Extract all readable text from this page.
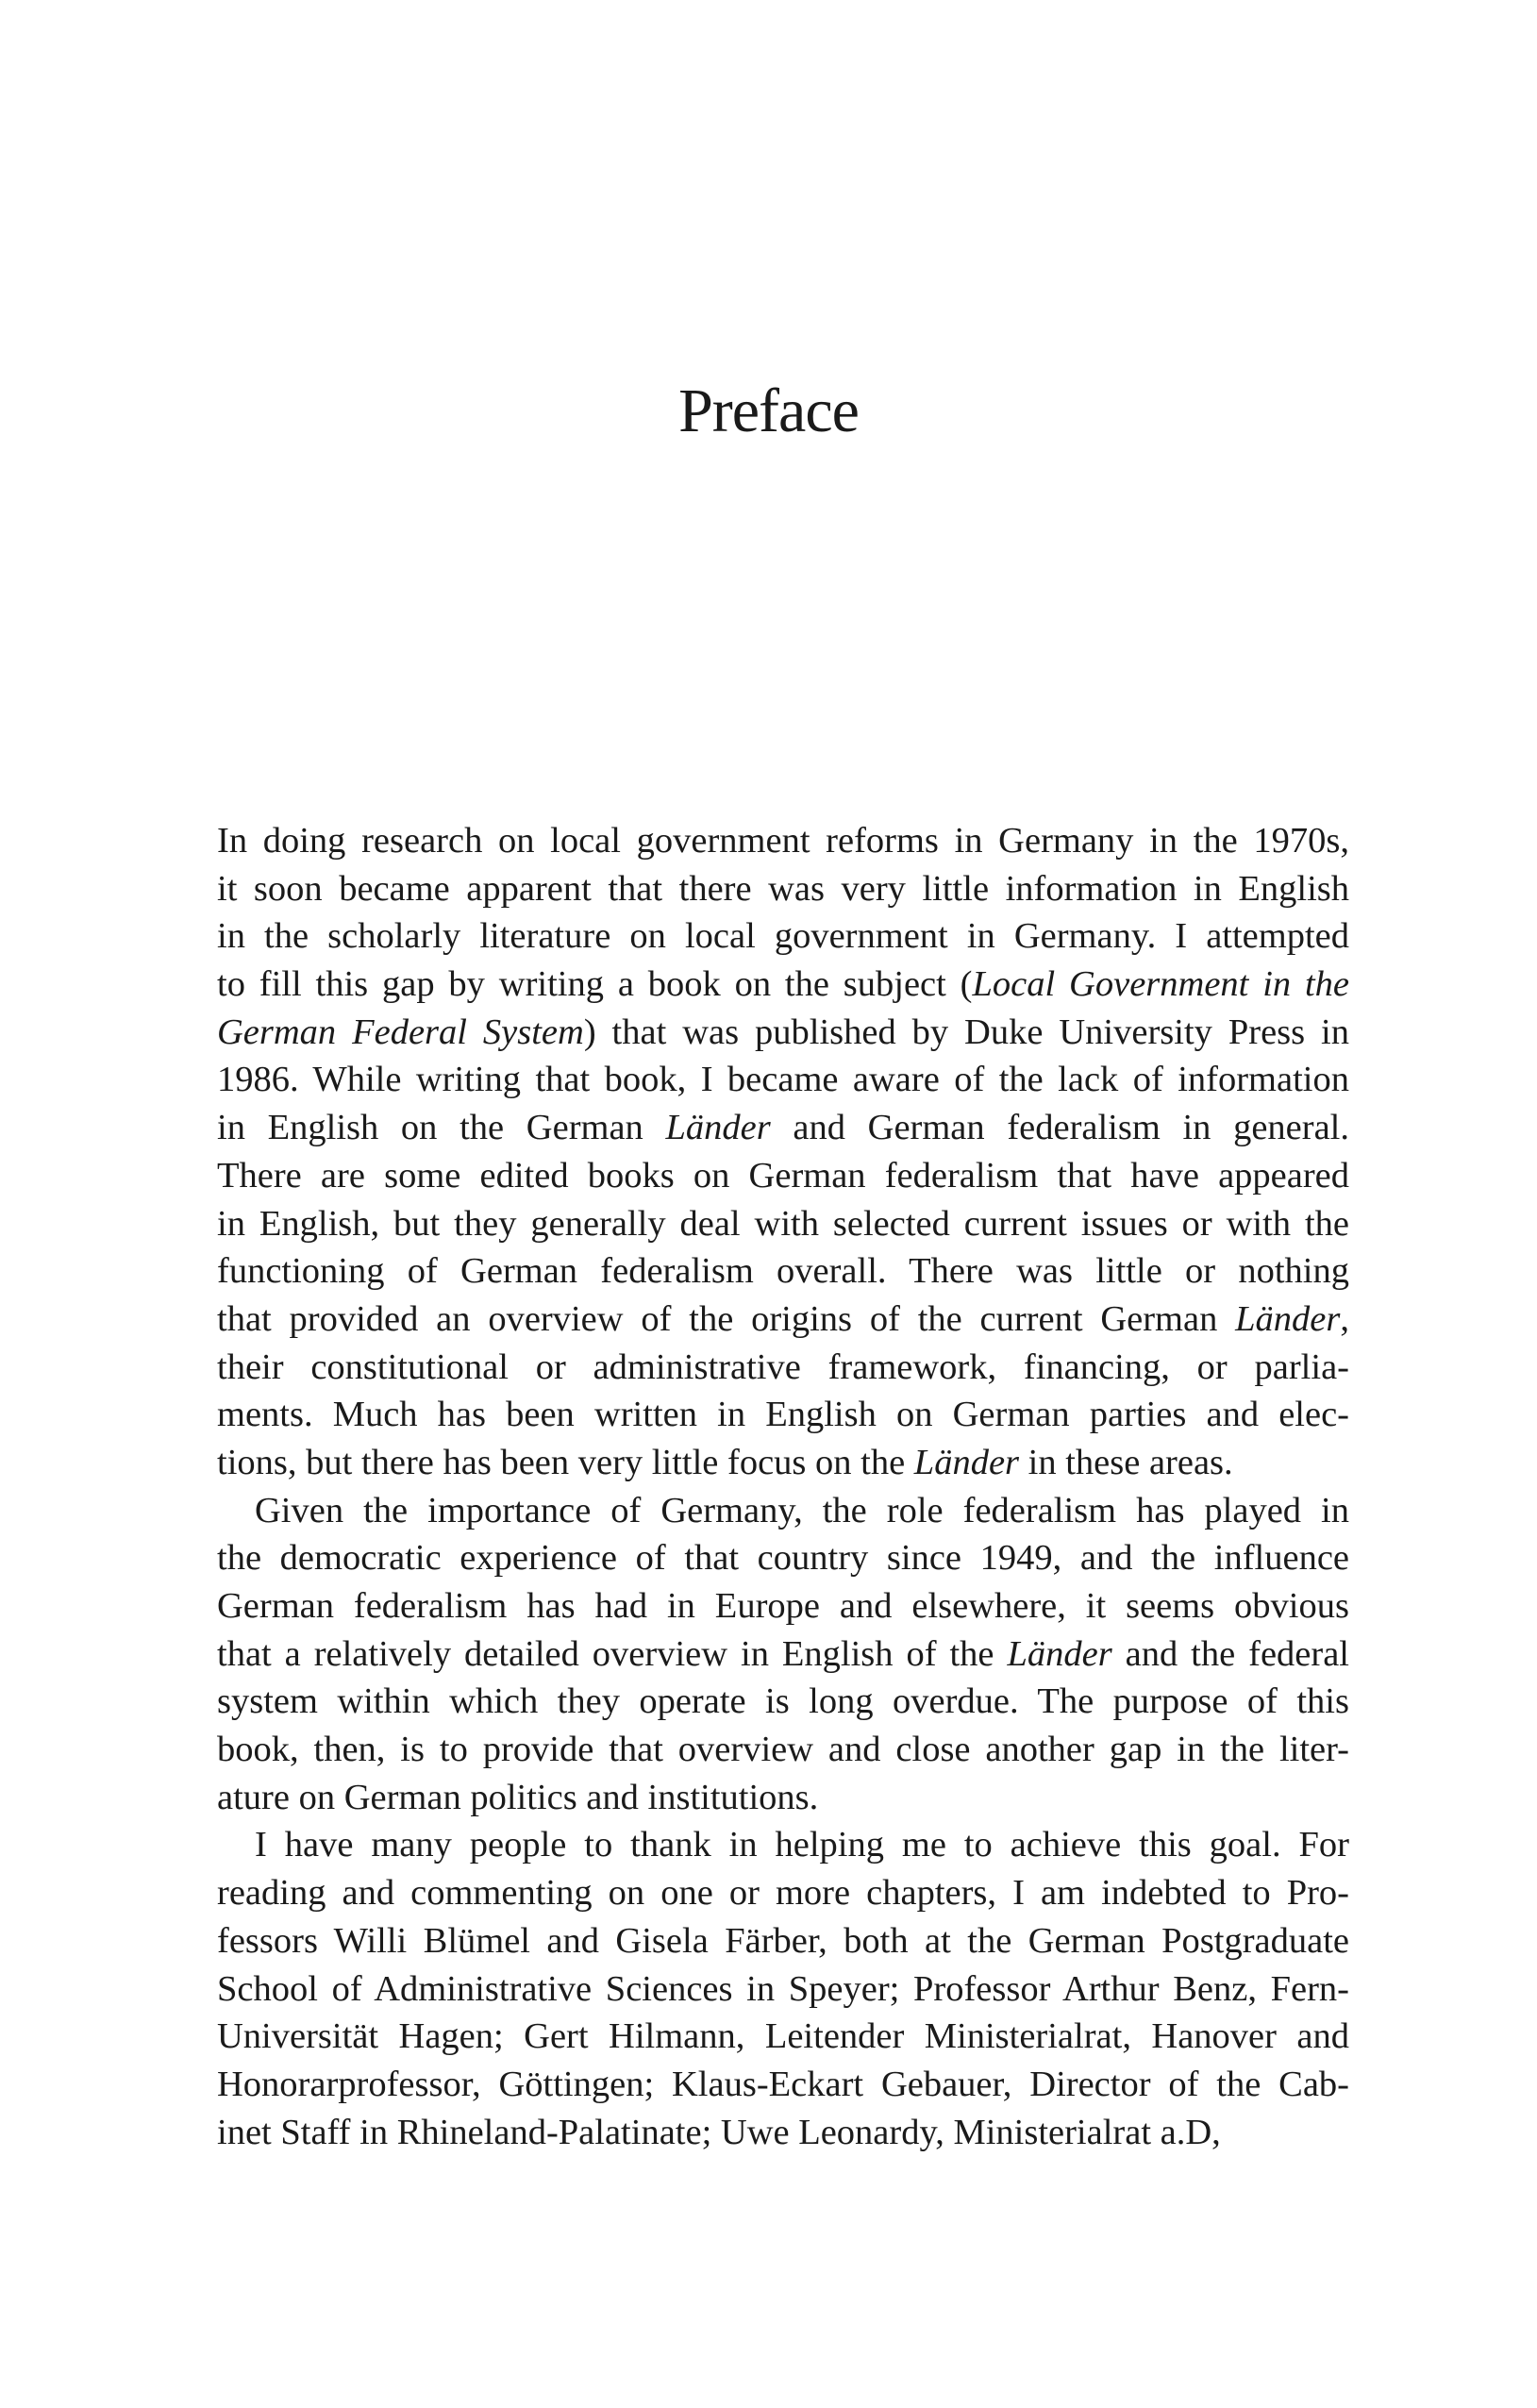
Preface
In doing research on local government reforms in Germany in the 1970s,
it soon became apparent that there was very little information in English
in the scholarly literature on local government in Germany. I attempted
to fill this gap by writing a book on the subject (Local Government in the
German Federal System) that was published by Duke University Press in
1986. While writing that book, I became aware of the lack of information
in English on the German Länder and German federalism in general.
There are some edited books on German federalism that have appeared
in English, but they generally deal with selected current issues or with the
functioning of German federalism overall. There was little or nothing
that provided an overview of the origins of the current German Länder,
their constitutional or administrative framework, financing, or parlia-
ments. Much has been written in English on German parties and elec-
tions, but there has been very little focus on the Länder in these areas.
Given the importance of Germany, the role federalism has played in
the democratic experience of that country since 1949, and the influence
German federalism has had in Europe and elsewhere, it seems obvious
that a relatively detailed overview in English of the Länder and the federal
system within which they operate is long overdue. The purpose of this
book, then, is to provide that overview and close another gap in the liter-
ature on German politics and institutions.
I have many people to thank in helping me to achieve this goal. For
reading and commenting on one or more chapters, I am indebted to Pro-
fessors Willi Blümel and Gisela Färber, both at the German Postgraduate
School of Administrative Sciences in Speyer; Professor Arthur Benz, Fern-
Universität Hagen; Gert Hilmann, Leitender Ministerialrat, Hanover and
Honorarprofessor, Göttingen; Klaus-Eckart Gebauer, Director of the Cab-
inet Staff in Rhineland-Palatinate; Uwe Leonardy, Ministerialrat a.D,
